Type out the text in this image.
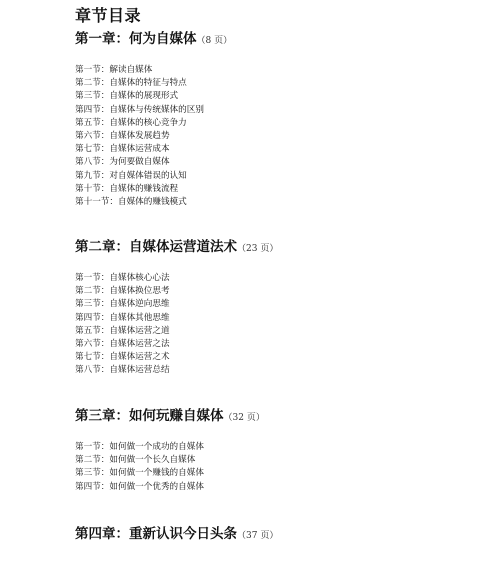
章节目录
第一章：何为自媒体（8 页）
第一节：解读自媒体
第二节：自媒体的特征与特点
第三节：自媒体的展现形式
第四节：自媒体与传统媒体的区别
第五节：自媒体的核心竞争力
第六节：自媒体发展趋势
第七节：自媒体运营成本
第八节：为何要做自媒体
第九节：对自媒体错误的认知
第十节：自媒体的赚钱流程
第十一节：自媒体的赚钱模式
第二章：自媒体运营道法术（23 页）
第一节：自媒体核心心法
第二节：自媒体换位思考
第三节：自媒体逆向思维
第四节：自媒体其他思维
第五节：自媒体运营之道
第六节：自媒体运营之法
第七节：自媒体运营之术
第八节：自媒体运营总结
第三章：如何玩赚自媒体（32 页）
第一节：如何做一个成功的自媒体
第二节：如何做一个长久自媒体
第三节：如何做一个赚钱的自媒体
第四节：如何做一个优秀的自媒体
第四章：重新认识今日头条（37 页）
